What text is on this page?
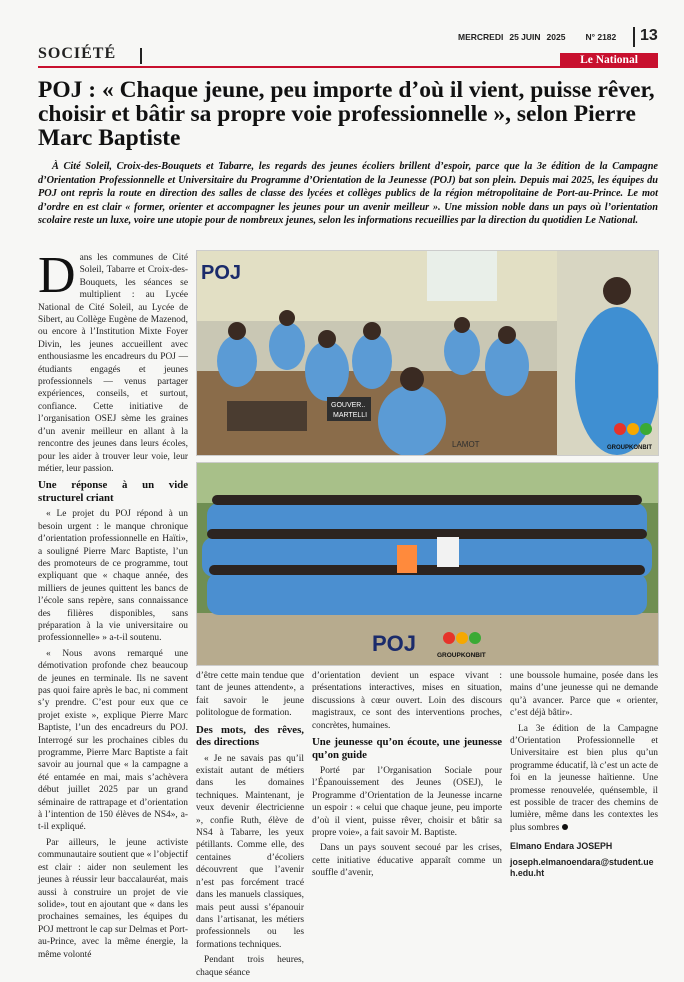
SOCIÉTÉ
MERCREDI 25 JUIN 2025 N° 2182	13
Le National
POJ : « Chaque jeune, peu importe d’où il vient, puisse rêver, choisir et bâtir sa propre voie professionnelle », selon Pierre Marc Baptiste
À Cité Soleil, Croix-des-Bouquets et Tabarre, les regards des jeunes écoliers brillent d’espoir, parce que la 3e édition de la Campagne d’Orientation Professionnelle et Universitaire du Programme d’Orientation de la Jeunesse (POJ) bat son plein. Depuis mai 2025, les équipes du POJ ont repris la route en direction des salles de classe des lycées et collèges publics de la région métropolitaine de Port-au-Prince. Le mot d’ordre en est clair « former, orienter et accompagner les jeunes pour un avenir meilleur ». Une mission noble dans un pays où l’orientation scolaire reste un luxe, voire une utopie pour de nombreux jeunes, selon les informations recueillies par la direction du quotidien Le National.

Dans les communes de Cité Soleil, Tabarre et Croix-des-Bouquets, les séances se multiplient : au Lycée National de Cité Soleil, au Lycée de Sibert, au Collège Eugène de Mazenod, ou encore à l’Institution Mixte Foyer Divin, les jeunes accueillent avec enthousiasme les encadreurs du POJ — étudiants engagés et jeunes professionnels — venus partager expériences, conseils, et surtout, confiance. Cette initiative de l’organisation OSEJ sème les graines d’un avenir meilleur en allant à la rencontre des jeunes dans leurs écoles, pour les aider à trouver leur voie, leur métier, leur passion.

Une réponse à un vide structurel criant

« Le projet du POJ répond à un besoin urgent : le manque chronique d’orientation professionnelle en Haïti», a souligné Pierre Marc Baptiste, l’un des promoteurs de ce programme, tout expliquant que « chaque année, des milliers de jeunes quittent les bancs de l’école sans repère, sans connaissance des filières disponibles, sans préparation à la vie universitaire ou professionnelle» » a-t-il soutenu.

« Nous avons remarqué une démotivation profonde chez beaucoup de jeunes en terminale. Ils ne savent pas quoi faire après le bac, ni comment s’y prendre. C’est pour eux que ce projet existe », explique Pierre Marc Baptiste, l’un des encadreurs du POJ. Interrogé sur les prochaines cibles du programme, Pierre Marc Baptiste a fait savoir au journal que « la campagne a été entamée en mai, mais s’achèvera début juillet 2025 par un grand séminaire de rattrapage et d’orientation à l’intention de 150 élèves de NS4», a-t-il expliqué.

Par ailleurs, le jeune activiste communautaire soutient que « l’objectif est clair : aider non seulement les jeunes à réussir leur baccalauréat, mais aussi à construire un projet de vie solide», tout en ajoutant que « dans les prochaines semaines, les équipes du POJ mettront le cap sur Delmas et Port-au-Prince, avec la même énergie, la même volonté

POJ
GOUVER..
MARTELLI
LAMOT	GROUPKONBIT
POJ	GROUPKONBIT

d’être cette main tendue que tant de jeunes attendent», a fait savoir le jeune politologue de formation.

Des mots, des rêves, des directions

« Je ne savais pas qu’il existait autant de métiers dans les domaines techniques. Maintenant, je veux devenir électricienne », confie Ruth, élève de NS4 à Tabarre, les yeux pétillants. Comme elle, des centaines d’écoliers découvrent que l’avenir n’est pas forcément tracé dans les manuels classiques, mais peut aussi s’épanouir dans l’artisanat, les métiers professionnels ou les formations techniques.

Pendant trois heures, chaque séance

d’orientation devient un espace vivant : présentations interactives, mises en situation, discussions à cœur ouvert. Loin des discours magistraux, ce sont des interventions proches, concrètes, humaines.

Une jeunesse qu’on écoute, une jeunesse qu’on guide

Porté par l’Organisation Sociale pour l’Épanouissement des Jeunes (OSEJ), le Programme d’Orientation de la Jeunesse incarne un espoir : « celui que chaque jeune, peu importe d’où il vient, puisse rêver, choisir et bâtir sa propre voie», a fait savoir M. Baptiste.

Dans un pays souvent secoué par les crises, cette initiative éducative apparaît comme un souffle d’avenir,

une boussole humaine, posée dans les mains d’une jeunesse qui ne demande qu’à avancer. Parce que « orienter, c’est déjà bâtir».

La 3e édition de la Campagne d’Orientation Professionnelle et Universitaire est bien plus qu’un programme éducatif, là c’est un acte de foi en la jeunesse haïtienne. Une promesse renouvelée, quénsemble, il est possible de tracer des chemins de lumière, même dans les contextes les plus sombres

Elmano Endara JOSEPH
joseph.elmanoendara@student.ueh.edu.ht
